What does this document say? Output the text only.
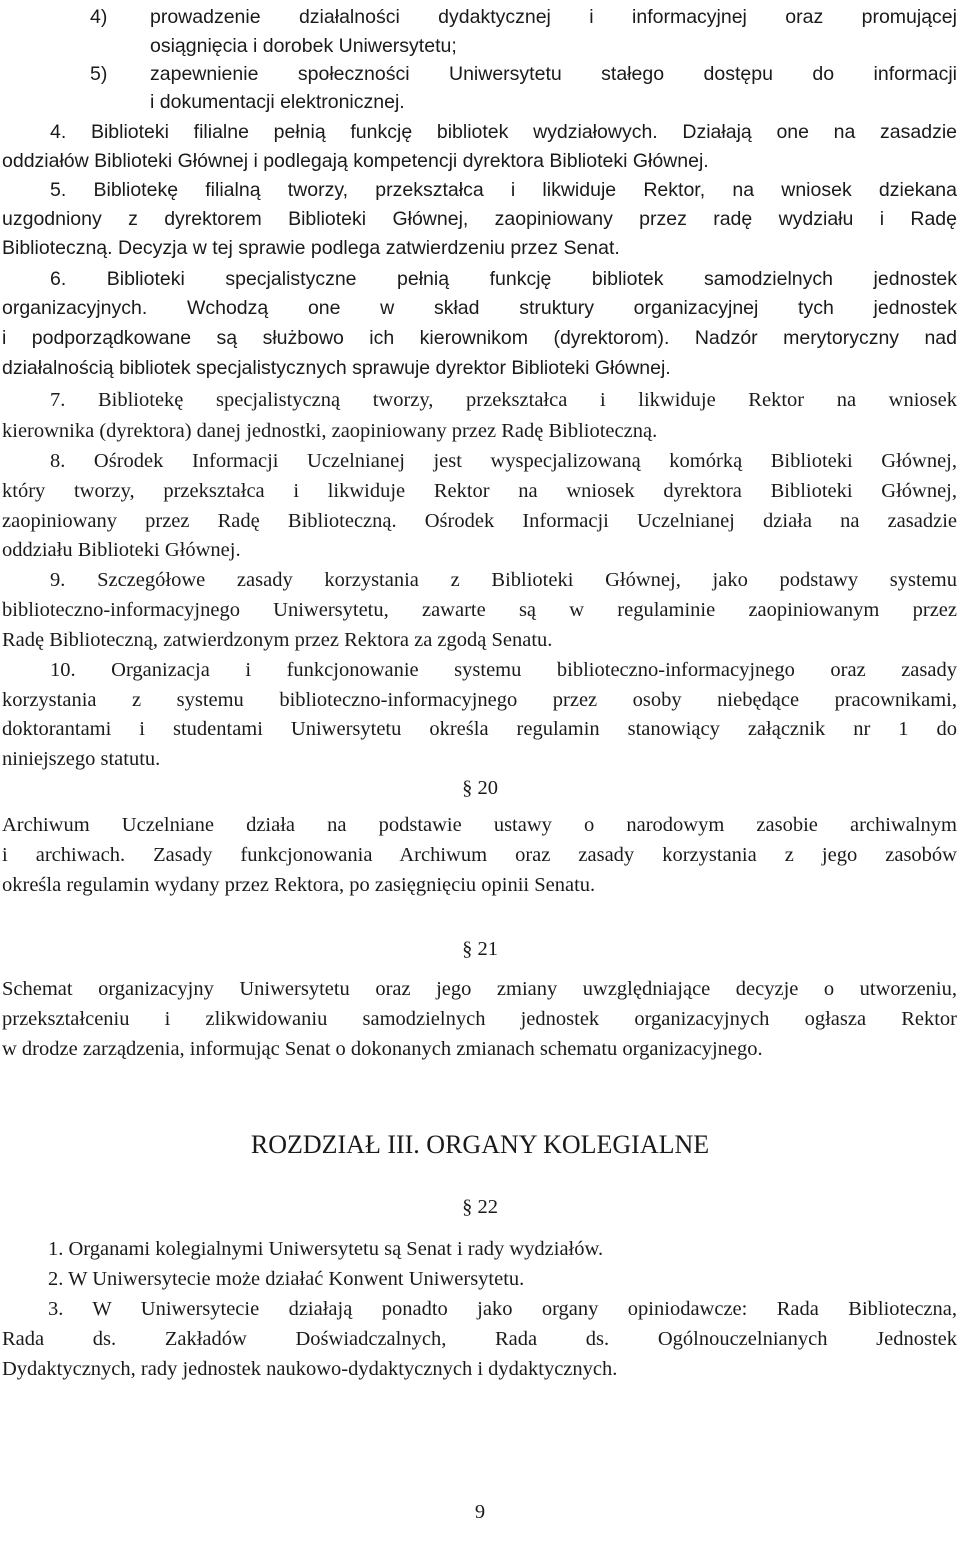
4)	prowadzenie działalności dydaktycznej i informacyjnej oraz promującej
osiągnięcia i dorobek Uniwersytetu;
5)	zapewnienie społeczności Uniwersytetu stałego dostępu do informacji
i dokumentacji elektronicznej.
4. Biblioteki filialne pełnią funkcję bibliotek wydziałowych. Działają one na zasadzie
oddziałów Biblioteki Głównej i podlegają kompetencji dyrektora Biblioteki Głównej.
5. Bibliotekę filialną tworzy, przekształca i likwiduje Rektor, na wniosek dziekana
uzgodniony z dyrektorem Biblioteki Głównej, zaopiniowany przez radę wydziału i Radę
Biblioteczną. Decyzja w tej sprawie podlega zatwierdzeniu przez Senat.
6. Biblioteki specjalistyczne pełnią funkcję bibliotek samodzielnych jednostek
organizacyjnych. Wchodzą one w skład struktury organizacyjnej tych jednostek
i podporządkowane są służbowo ich kierownikom (dyrektorom). Nadzór merytoryczny nad
działalnością bibliotek specjalistycznych sprawuje dyrektor Biblioteki Głównej.
7. Bibliotekę specjalistyczną tworzy, przekształca i likwiduje Rektor na wniosek
kierownika (dyrektora) danej jednostki, zaopiniowany przez Radę Biblioteczną.
8. Ośrodek Informacji Uczelnianej jest wyspecjalizowaną komórką Biblioteki Głównej,
który tworzy, przekształca i likwiduje Rektor na wniosek dyrektora Biblioteki Głównej,
zaopiniowany przez Radę Biblioteczną. Ośrodek Informacji Uczelnianej działa na zasadzie
oddziału Biblioteki Głównej.
9. Szczegółowe zasady korzystania z Biblioteki Głównej, jako podstawy systemu
biblioteczno-informacyjnego Uniwersytetu, zawarte są w regulaminie zaopiniowanym przez
Radę Biblioteczną, zatwierdzonym przez Rektora za zgodą Senatu.
10. Organizacja i funkcjonowanie systemu biblioteczno-informacyjnego oraz zasady
korzystania z systemu biblioteczno-informacyjnego przez osoby niebędące pracownikami,
doktorantami i studentami Uniwersytetu określa regulamin stanowiący załącznik nr 1 do
niniejszego statutu.
§ 20
Archiwum Uczelniane działa na podstawie ustawy o narodowym zasobie archiwalnym
i archiwach. Zasady funkcjonowania Archiwum oraz zasady korzystania z jego zasobów
określa regulamin wydany przez Rektora, po zasięgnięciu opinii Senatu.
§ 21
Schemat organizacyjny Uniwersytetu oraz jego zmiany uwzględniające decyzje o utworzeniu,
przekształceniu i zlikwidowaniu samodzielnych jednostek organizacyjnych ogłasza Rektor
w drodze zarządzenia, informując Senat o dokonanych zmianach schematu organizacyjnego.
ROZDZIAŁ III. ORGANY KOLEGIALNE
§ 22
1. Organami kolegialnymi Uniwersytetu są Senat i rady wydziałów.
2. W Uniwersytecie może działać Konwent Uniwersytetu.
3. W Uniwersytecie działają ponadto jako organy opiniodawcze: Rada Biblioteczna,
Rada ds. Zakładów Doświadczalnych, Rada ds. Ogólnouczelnianych Jednostek
Dydaktycznych, rady jednostek naukowo-dydaktycznych i dydaktycznych.
9
